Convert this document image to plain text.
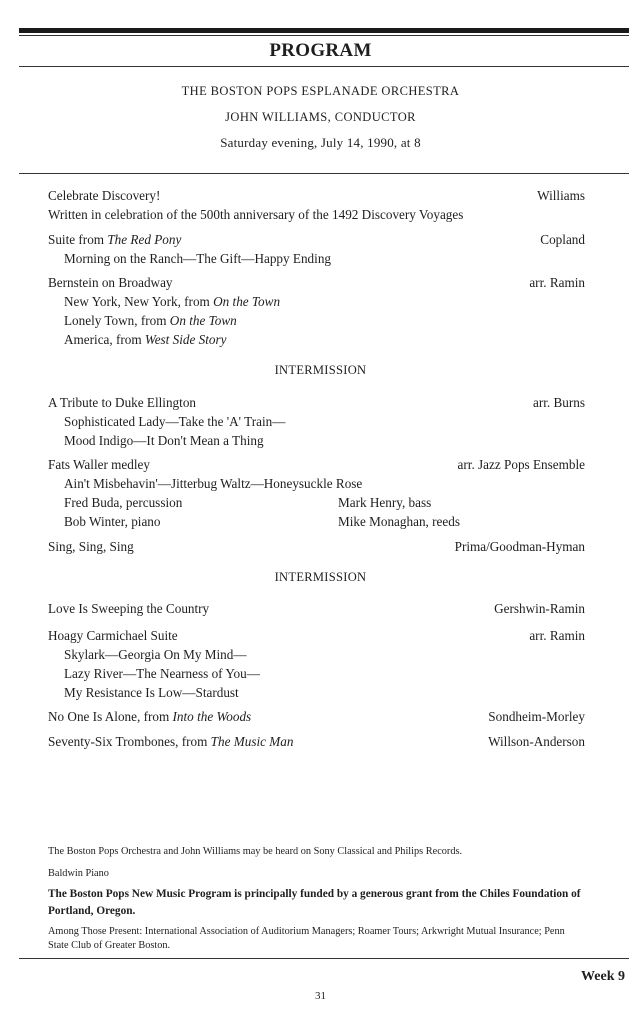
PROGRAM
THE BOSTON POPS ESPLANADE ORCHESTRA
JOHN WILLIAMS, CONDUCTOR
Saturday evening, July 14, 1990, at 8
Celebrate Discovery!	Williams
Written in celebration of the 500th anniversary of the 1492 Discovery Voyages
Suite from The Red Pony	Copland
Morning on the Ranch—The Gift—Happy Ending
Bernstein on Broadway	arr. Ramin
New York, New York, from On the Town
Lonely Town, from On the Town
America, from West Side Story
INTERMISSION
A Tribute to Duke Ellington	arr. Burns
Sophisticated Lady—Take the 'A' Train—
Mood Indigo—It Don't Mean a Thing
Fats Waller medley	arr. Jazz Pops Ensemble
Ain't Misbehavin'—Jitterbug Waltz—Honeysuckle Rose
Fred Buda, percussion	Mark Henry, bass
Bob Winter, piano	Mike Monaghan, reeds
Sing, Sing, Sing	Prima/Goodman-Hyman
INTERMISSION
Love Is Sweeping the Country	Gershwin-Ramin
Hoagy Carmichael Suite	arr. Ramin
Skylark—Georgia On My Mind—
Lazy River—The Nearness of You—
My Resistance Is Low—Stardust
No One Is Alone, from Into the Woods	Sondheim-Morley
Seventy-Six Trombones, from The Music Man	Willson-Anderson
The Boston Pops Orchestra and John Williams may be heard on Sony Classical and Philips Records.
Baldwin Piano
The Boston Pops New Music Program is principally funded by a generous grant from the Chiles Foundation of Portland, Oregon.
Among Those Present: International Association of Auditorium Managers; Roamer Tours; Arkwright Mutual Insurance; Penn State Club of Greater Boston.
Week 9
31
